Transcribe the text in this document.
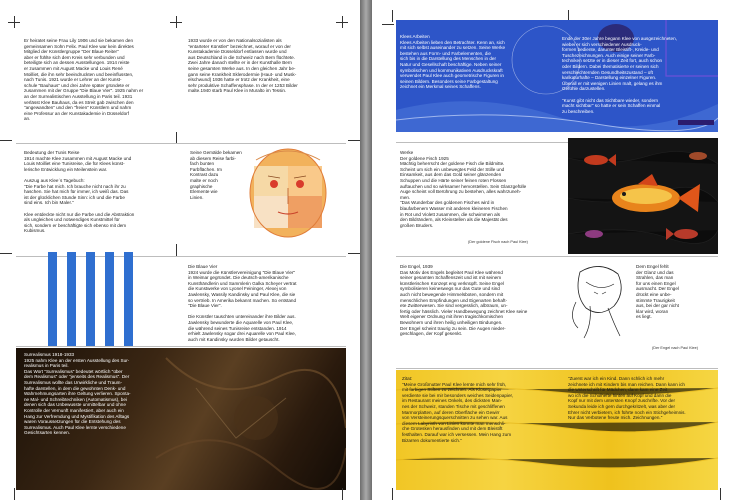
Er heiratet seine Frau Lily 1906 und sie bekamen den
gemeinsamen Sohn Felix. Paul Klee war kein direktes
Mitglied der Künstlergruppe "Der Blaue Reiter"
aber er fühlte sich dem Kreis sehr verbunden und
beteiligte sich an dessen Ausstellungen. 1914 reiste
er zusammen mit August Macke und Louis René
Moilliet, die ihn sehr beeindruckten und beeinflussten,
nach Tunis. 1921 wurde er Lehrer an der Kunst-
schule "Bauhaus" und drei Jahre später gründete er
zusammen mit der Gruppe "Die Blaue Vier". 1925 nahm er
an der Surrealistischen Ausstellung in Paris teil. 1931
verlässt Klee Bauhaus, da es Streit gab zwischen den
"angewandten" und den "freien" Künstlern und nahm
eine Professur an der Kunstakademie in Düsseldorf
an.
1933 wurde er von den Nationalsozialisten als
"entarteter Künstler" bezeichnet, worauf er von der
Kunstakademie Düsseldorf entlassen wurde und
aus Deutschland in die Schweiz nach Bern flüchtete.
Zwei Jahre danach stellte er in der Kunsthalle Bern
seine gesamten Werke aus. In den gleichen Jahr be-
gann seine Krankheit Sklerodermie (Haut- und Musk-
elschwund) 1936 hatte er trotz der Krankheit, eine
sehr produktive Schaffensphase. In der er 1253 Bilder
malte.1940 starb Paul Klee in Muralto im Tessin.
Bedeutung der Tunis Reise
1914 machte Klee zusammen mit August Macke und
Louis Moilliet eine Tunisreise, die für Klees künst-
lerische Entwicklung ein Meilenstein war.

Auszug aus Klee´s Tagebuch:
"Die Farbe hat mich. Ich brauche nicht nach ihr zu
haschen. Sie hat mich für immer, ich weiß das. Das
ist der glücklichen Stunde Sinn: ich und die Farbe
sind eins. Ich bin Maler."

Klee entdeckte nicht nur die Farbe und die Abstraktion
als ungleiches und notwendiges Kunstmittel für
sich, sondern er beschäftigte sich ebenso mit dem
Kubismus.
Seine Gemälde bekamen
ab diesem Reise farbi-
fach bunten
Farbflächen. Im
Kontrast dazu
malte er noch
graphische
Elemente wie
Linien.
Die Blaue Vier
1924 wurde die Künstlervereinigung "Die Blaue Vier"
in Weimar gegründet. Die deutsch-amerikanische
Kunsthändlerin und Sammlerin Galka Scheyer vertrat
die Kunstwerke von Lyonel Feininger, Alexej von
Jawlensky, Wassily Kandinsky und Paul Klee, die sie
so vertrieb. In Amerika bekannt machen. So entstand
"Die Blaue Vier".

Die Künstler tauschten untereinander ihre Bilder aus.
Jawlensky bewunderte die Aquarelle von Paul Klee,
die während seines Tunisreise entstanden. 1914
erhielt Jawlensky sogar drei Aquarelle von Paul Klee,
auch mit Kandinsky wurden Bilder getauscht.
Surrealismus 1918-1933
1925 nahm Klee an der ersten Ausstellung des Sur-
realismus in Paris teil.
Das Wort "Surrealismus" bedeutet wörtlich "über
dem Realismus" oder "jenseits des Realismus". Der
Surrealismus wollte das Unwirkliche und Traum-
hafte darstellen, in dem die gewohnten Denk- und
Wahrnehmungsarten ihre Geltung verlieren. Sponta-
ne Mal- und Schreibtechniken (Automatismus), bei
denen sich das Unbewusste unmittelbar und ohne
Kontrolle der Vernunft manifestiert, aber auch ein
Hang zur Verfremdung und Mystifikation des Alltags
waren Voraussetzungen für die Entstehung des
Surrealismus. Auch Paul Klee lernte verschiedene
Gesichtsarten kennen.
Klees Arbeiten
Klees Arbeiten lieben den Betrachter. Kenn an, sich
mit sich selbst auseinander zu setzen. Seine Werke
bestehen aus Form- und Farbelementen, die
sich bis in die Darstellung des Menschen in der
Natur und Gesellschaft beschäftige. Neben seiner
symbolischen und kommunikativen Ausdruckskraft
verwendet Paul Klee auch geometrische Figuren in
seinen Bildern. Besonders seine Farbgestaltung
zeichnet ein Merkmal seines Schaffens.
Ende der 30er Jahre begann Klee von ausgezeichneten,
wiebei er sich verschiedener Ausdruck-
formen bediente, darunter Bleistift-, Kreide- und
Tuschezeichnungen. Auch einige seiner Farb-
techniken setzte er in dieser Zeit fort, auch schon
oder Bildern. Dabei thematisierte er seinen sich
verschlechternden Gesundheitszustand – oft
karikaturhafte – Darstellung einzelner Figuren.
Überall er mit wenigen Linien malt, gelang es ihm
Gefühle darzustellen.

"Kunst gibt nicht das Sichtbare wieder, sondern
macht sichtbar" so hatte er sein Schaffen einmal
zu beschreiben.
Werke
Der goldene Fisch 1925
Mächtig beherrscht der goldene Fisch die Bildmitte.
Scheint um sich ein unbewegtes Feld der Stille und
Einsamkeit, aus dem das Gold seiner glänzenden
Schuppen und die Härte seiner feinen roten Flossen
auftauchen und so wirksamer hervorstellen. Sein Glanzgefülle
Auge scheint voll Berührung zu bestehen, alles wahrzuneh-
men.
"Das Wunderbar des goldenen Fisches wird in
blaufarbenem Wasser mit anderen kleineren Fischen
in Rot und Violett zusammen, die schwimmen als
den Bildrändern, als Kleinstellen als die Majestät des
großen Bruders.
(Der goldene Fisch nach Paul Klee)
Die Engel, 1939
Das Motiv des Engels begleitet Paul Klee während
seiner gesamten Schaffenszeit und ist mit seinem
künstlerischen Konzept eng verknüpft. Seine Engel
symbolisieren keineswegs nur das Gute und sind
auch nicht bewegende Himmelsboten, sondern mit
menschlichen Empfindungen und Eigenarten behaft-
ete Zwitterwesen. Sie sind vergesslich, albtraum, un-
fertig oder hässlich. Vieler Handbewegung zeichnet Klee seine
Welt eigener Ordnung mit ihren tragischkomischen
Bewohnern und ihren heilig unheiligen Bindungen.
Der Engel scheint traurig zu sein. Die Augen nieder-
geschlagen, der Kopf gesenkt.
Dem Engel fehlt
der Glanz und das
Strahlen, das man
für uns einen Engel
ausmacht. Der Engel
drückt eine unbe-
stimmte Traurigkeit
aus, bei der gar nicht
klar wird, woran
es liegt.
(Der Engel nach Paul Klee)
Zitat:
"Meine Großmutter Paul Klee lernte mich sehr früh,
mit farbigen Stiften zu zeichnen. Als Klosetpapier
verdiente sie bei mir besonders weiches Seidenpapier,
im Restaurant meines Onkels, des dicksten Man-
nes der Schweiz, standen Tische mit geschliffenen
Marmorplatten, auf deren Oberfläche ein Gewirr
von Versteinerungsquerschnitten zu sehen war. Aus
diesem Labyrinth von Linien konnte man menschli-
che Grotesken herausfinden und mit dem Bleistift
festhalten. Darauf war ich versessen. Mein Hang zum
Bizarren dokumentierte sich."
"Zuerst war ich ein Kind. Dann schlich ich mehr
zeichnete ich mit Kindern bis man reichen. Dann kann ich
die Unterschrift für Mädchen, dann kam eine Zeit
wo ich die Schulhefte hinten auf Kopf und dann die
Kopf nur mit dem untersten Knopf zuschrifte. Vor der
Sekunda leide ich gern durchgekritzelt, was aber der
Ehrer nicht verbietern, ich führte noch ein Stichgeheimnis.
Nur das Verbotene freute mich. Zeichnungen."
